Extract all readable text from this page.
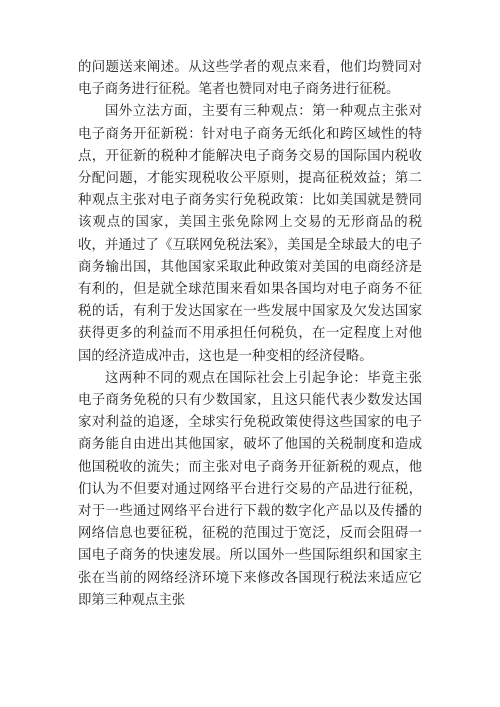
的问题送来阐述。从这些学者的观点来看，他们均赞同对电子商务进行征税。笔者也赞同对电子商务进行征税。

国外立法方面，主要有三种观点：第一种观点主张对电子商务开征新税：针对电子商务无纸化和跨区域性的特点，开征新的税种才能解决电子商务交易的国际国内税收分配问题，才能实现税收公平原则，提高征税效益；第二种观点主张对电子商务实行免税政策：比如美国就是赞同该观点的国家，美国主张免除网上交易的无形商品的税收，并通过了《互联网免税法案》，美国是全球最大的电子商务输出国，其他国家采取此种政策对美国的电商经济是有利的，但是就全球范围来看如果各国均对电子商务不征税的话，有利于发达国家在一些发展中国家及欠发达国家获得更多的利益而不用承担任何税负，在一定程度上对他国的经济造成冲击，这也是一种变相的经济侵略。

这两种不同的观点在国际社会上引起争论：毕竟主张电子商务免税的只有少数国家，且这只能代表少数发达国家对利益的追逐，全球实行免税政策使得这些国家的电子商务能自由进出其他国家，破坏了他国的关税制度和造成他国税收的流失；而主张对电子商务开征新税的观点，他们认为不但要对通过网络平台进行交易的产品进行征税，对于一些通过网络平台进行下载的数字化产品以及传播的网络信息也要征税，征税的范围过于宽泛，反而会阻碍一国电子商务的快速发展。所以国外一些国际组织和国家主张在当前的网络经济环境下来修改各国现行税法来适应它即第三种观点主张
